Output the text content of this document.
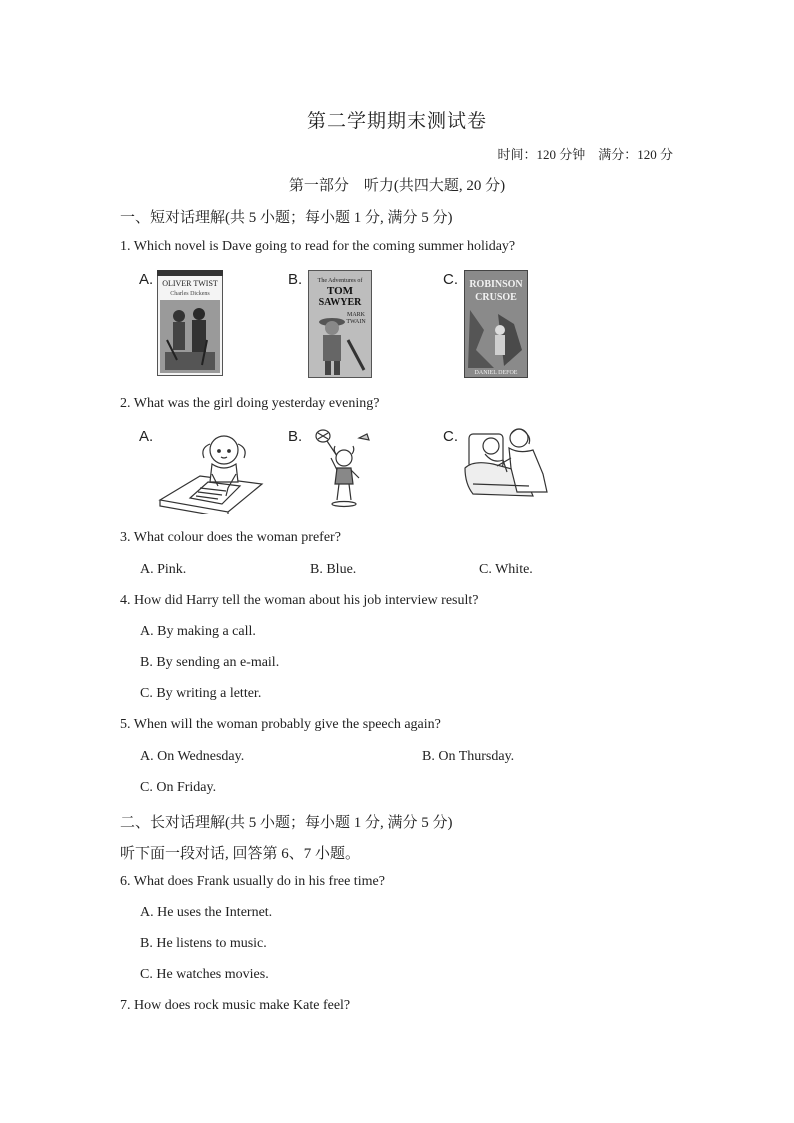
第二学期期末测试卷
时间：120 分钟　满分：120 分
第一部分　听力(共四大题, 20 分)
一、短对话理解(共 5 小题；每小题 1 分, 满分 5 分)
1. Which novel is Dave going to read for the coming summer holiday?
A.	B.	C.
OLIVER TWIST
Charles Dickens
The Adventures of
TOM
SAWYER
MARK
TWAIN
ROBINSON
CRUSOE
DANIEL DEFOE
2. What was the girl doing yesterday evening?
A.	B.	C.
3. What colour does the woman prefer?
A. Pink.	B. Blue.	C. White.
4. How did Harry tell the woman about his job interview result?
A. By making a call.
B. By sending an e-mail.
C. By writing a letter.
5. When will the woman probably give the speech again?
A. On Wednesday.	B. On Thursday.
C. On Friday.
二、长对话理解(共 5 小题；每小题 1 分, 满分 5 分)
听下面一段对话, 回答第 6、7 小题。
6. What does Frank usually do in his free time?
A. He uses the Internet.
B. He listens to music.
C. He watches movies.
7. How does rock music make Kate feel?
